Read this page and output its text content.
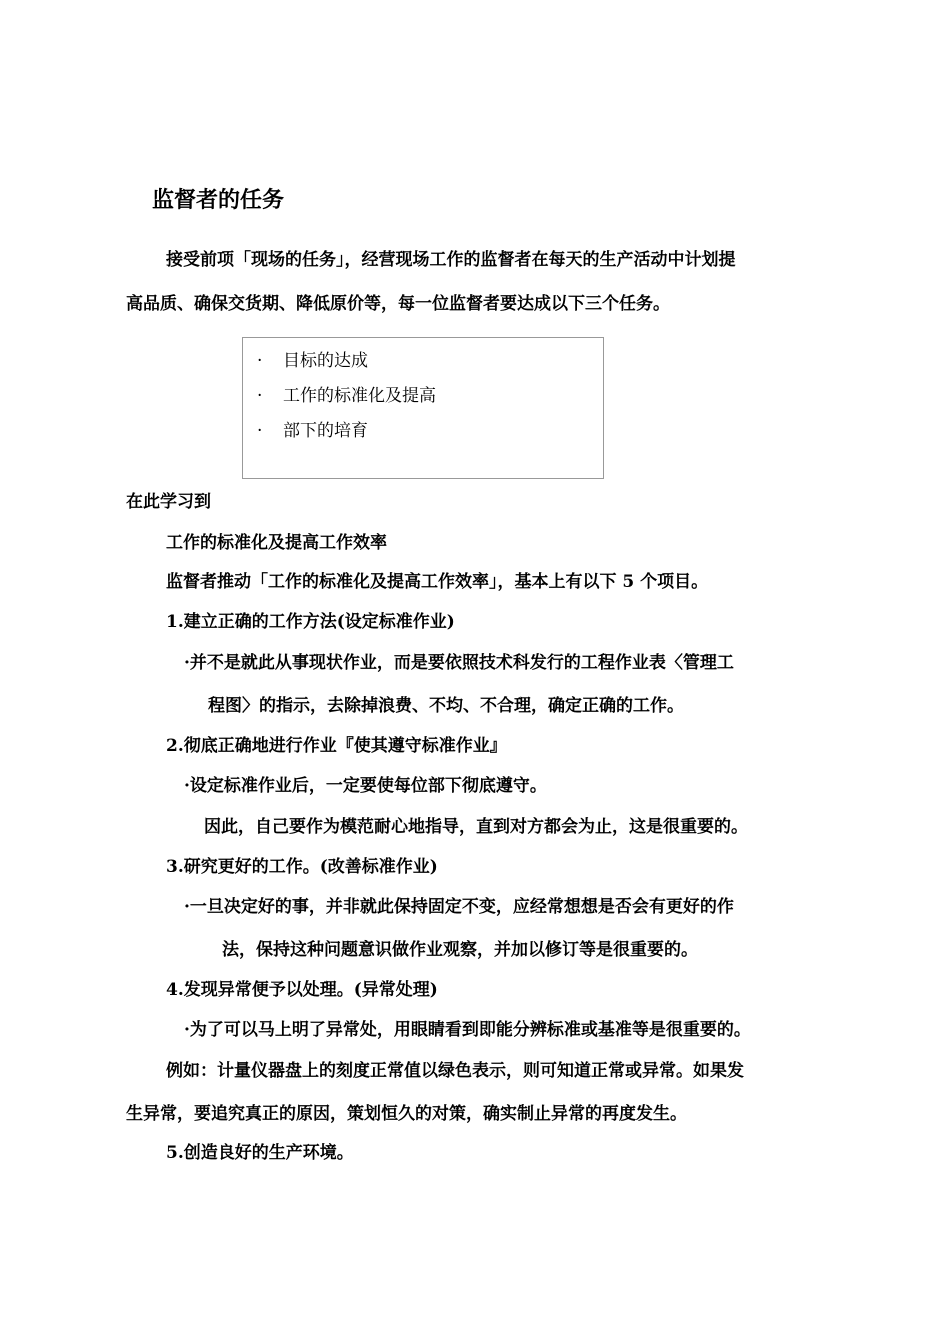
监督者的任务
接受前项「现场的任务」，经营现场工作的监督者在每天的生产活动中计划提
高品质、确保交货期、降低原价等，每一位监督者要达成以下三个任务。
· 目标的达成
· 工作的标准化及提高
· 部下的培育
在此学习到
工作的标准化及提高工作效率
监督者推动「工作的标准化及提高工作效率」，基本上有以下 5 个项目。
1.建立正确的工作方法(设定标准作业)
·并不是就此从事现状作业，而是要依照技术科发行的工程作业表〈管理工
程图〉的指示，去除掉浪费、不均、不合理，确定正确的工作。
2.彻底正确地进行作业『使其遵守标准作业』
·设定标准作业后，一定要使每位部下彻底遵守。
因此，自己要作为模范耐心地指导，直到对方都会为止，这是很重要的。
3.研究更好的工作。(改善标准作业)
·一旦决定好的事，并非就此保持固定不变，应经常想想是否会有更好的作
法，保持这种问题意识做作业观察，并加以修订等是很重要的。
4.发现异常便予以处理。(异常处理)
·为了可以马上明了异常处，用眼睛看到即能分辨标准或基准等是很重要的。
例如：计量仪器盘上的刻度正常值以绿色表示，则可知道正常或异常。如果发
生异常，要追究真正的原因，策划恒久的对策，确实制止异常的再度发生。
5.创造良好的生产环境。
